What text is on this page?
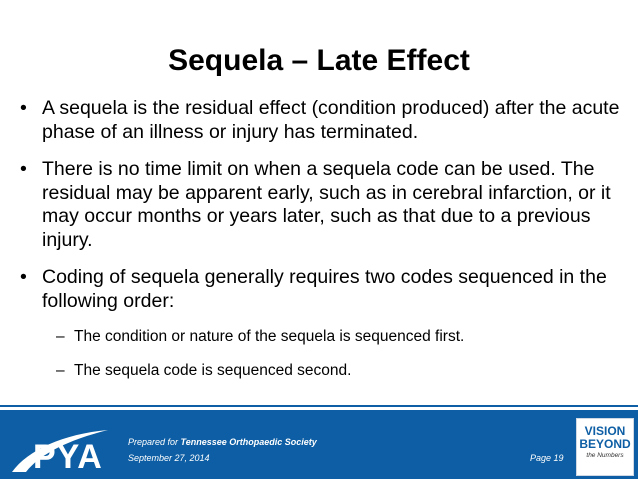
Sequela – Late Effect
• A sequela is the residual effect (condition produced) after the acute phase of an illness or injury has terminated.
• There is no time limit on when a sequela code can be used. The residual may be apparent early, such as in cerebral infarction, or it may occur months or years later, such as that due to a previous injury.
• Coding of sequela generally requires two codes sequenced in the following order:
– The condition or nature of the sequela is sequenced first.
– The sequela code is sequenced second.
PYA	Prepared for Tennessee Orthopaedic Society
September 27, 2014	Page 19
VISION
BEYOND
the Numbers
